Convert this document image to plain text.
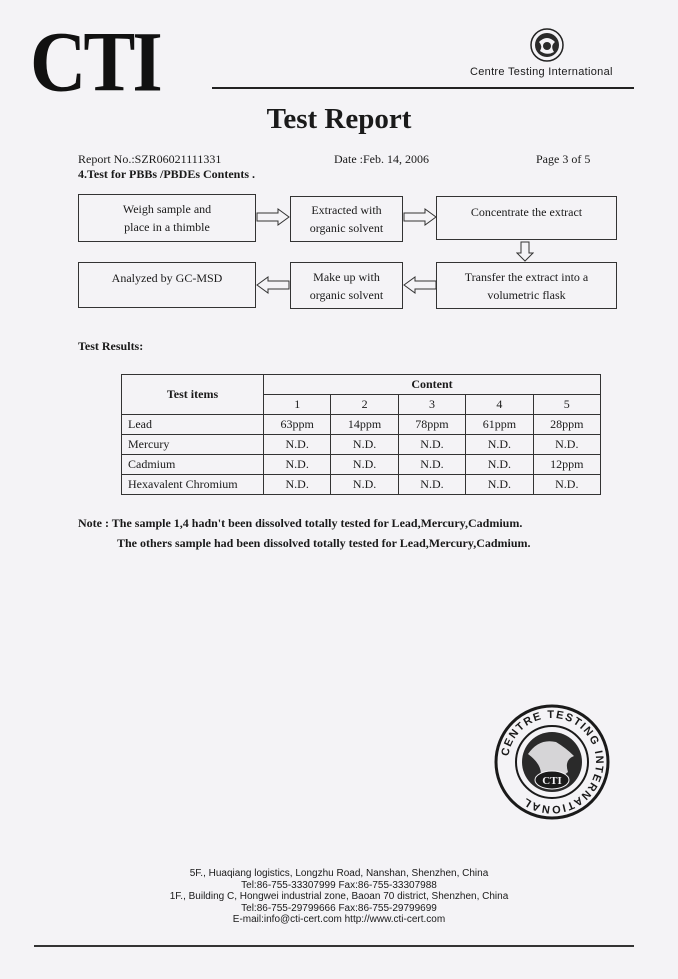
CTI	Centre Testing International
Test Report
Report No.:SZR06021111331	Date :Feb. 14, 2006	Page 3 of 5
4.Test for PBBs /PBDEs Contents .
Weigh sample and
place in a thimble
Extracted with
organic solvent
Concentrate the extract
Transfer the extract into a
volumetric flask
Make up with
organic solvent
Analyzed by GC-MSD
Test Results:
Test items	Content				
	1	2	3	4	5
Lead	63ppm	14ppm	78ppm	61ppm	28ppm
Mercury	N.D.	N.D.	N.D.	N.D.	N.D.
Cadmium	N.D.	N.D.	N.D.	N.D.	12ppm
Hexavalent Chromium	N.D.	N.D.	N.D.	N.D.	N.D.
Note : The sample 1,4 hadn't been dissolved totally tested for Lead,Mercury,Cadmium.
The others sample had been dissolved totally tested for Lead,Mercury,Cadmium.
CENTRE TESTING INTERNATIONAL
CTI
5F., Huaqiang logistics, Longzhu Road, Nanshan, Shenzhen, China
Tel:86-755-33307999 Fax:86-755-33307988
1F., Building C, Hongwei industrial zone, Baoan 70 district, Shenzhen, China
Tel:86-755-29799666 Fax:86-755-29799699
E-mail:info@cti-cert.com http://www.cti-cert.com
